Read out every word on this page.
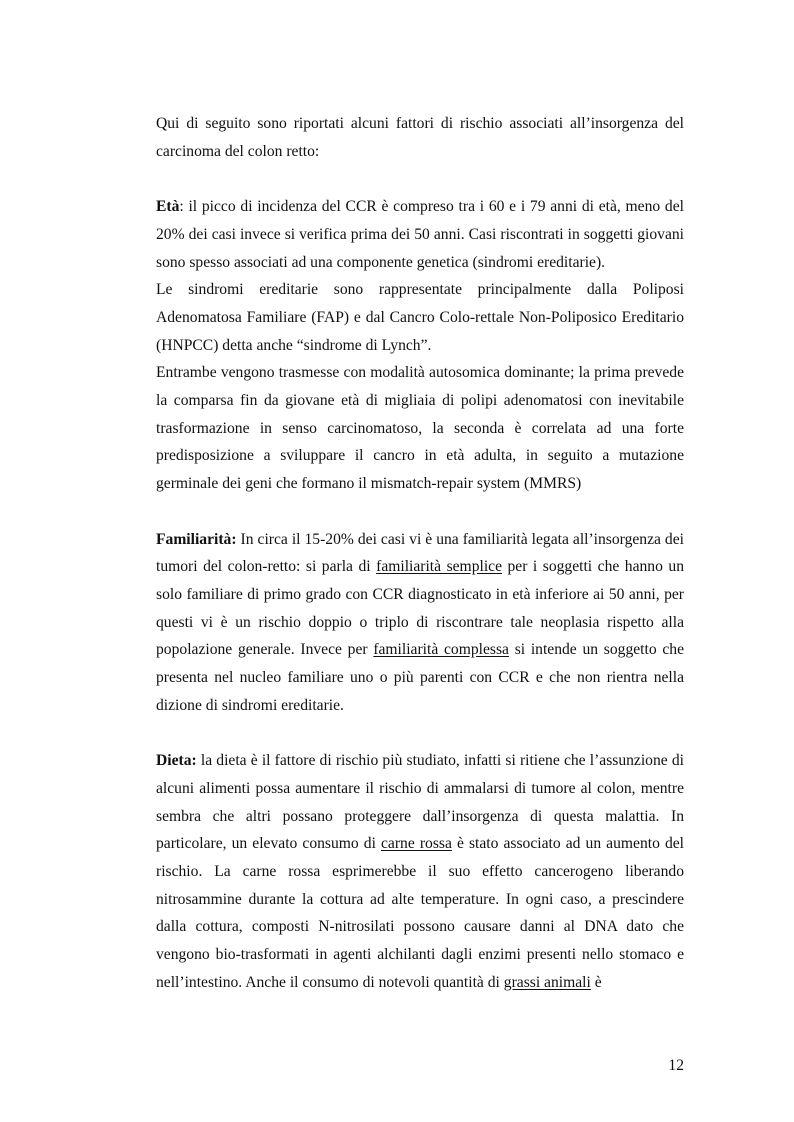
Qui di seguito sono riportati alcuni fattori di rischio associati all’insorgenza del carcinoma del colon retto:

Età: il picco di incidenza del CCR è compreso tra i 60 e i 79 anni di età, meno del 20% dei casi invece si verifica prima dei 50 anni. Casi riscontrati in soggetti giovani sono spesso associati ad una componente genetica (sindromi ereditarie).

Le sindromi ereditarie sono rappresentate principalmente dalla Poliposi Adenomatosa Familiare (FAP) e dal Cancro Colo-rettale Non-Poliposico Ereditario (HNPCC) detta anche “sindrome di Lynch”.

Entrambe vengono trasmesse con modalità autosomica dominante; la prima prevede la comparsa fin da giovane età di migliaia di polipi adenomatosi con inevitabile trasformazione in senso carcinomatoso, la seconda è correlata ad una forte predisposizione a sviluppare il cancro in età adulta, in seguito a mutazione germinale dei geni che formano il mismatch-repair system (MMRS)

Familiarità: In circa il 15-20% dei casi vi è una familiarità legata all’insorgenza dei tumori del colon-retto: si parla di familiarità semplice per i soggetti che hanno un solo familiare di primo grado con CCR diagnosticato in età inferiore ai 50 anni, per questi vi è un rischio doppio o triplo di riscontrare tale neoplasia rispetto alla popolazione generale. Invece per familiarità complessa si intende un soggetto che presenta nel nucleo familiare uno o più parenti con CCR e che non rientra nella dizione di sindromi ereditarie.

Dieta: la dieta è il fattore di rischio più studiato, infatti si ritiene che l’assunzione di alcuni alimenti possa aumentare il rischio di ammalarsi di tumore al colon, mentre sembra che altri possano proteggere dall’insorgenza di questa malattia. In particolare, un elevato consumo di carne rossa è stato associato ad un aumento del rischio. La carne rossa esprimerebbe il suo effetto cancerogeno liberando nitrosammine durante la cottura ad alte temperature. In ogni caso, a prescindere dalla cottura, composti N-nitrosilati possono causare danni al DNA dato che vengono bio-trasformati in agenti alchilanti dagli enzimi presenti nello stomaco e nell’intestino. Anche il consumo di notevoli quantità di grassi animali è

12
